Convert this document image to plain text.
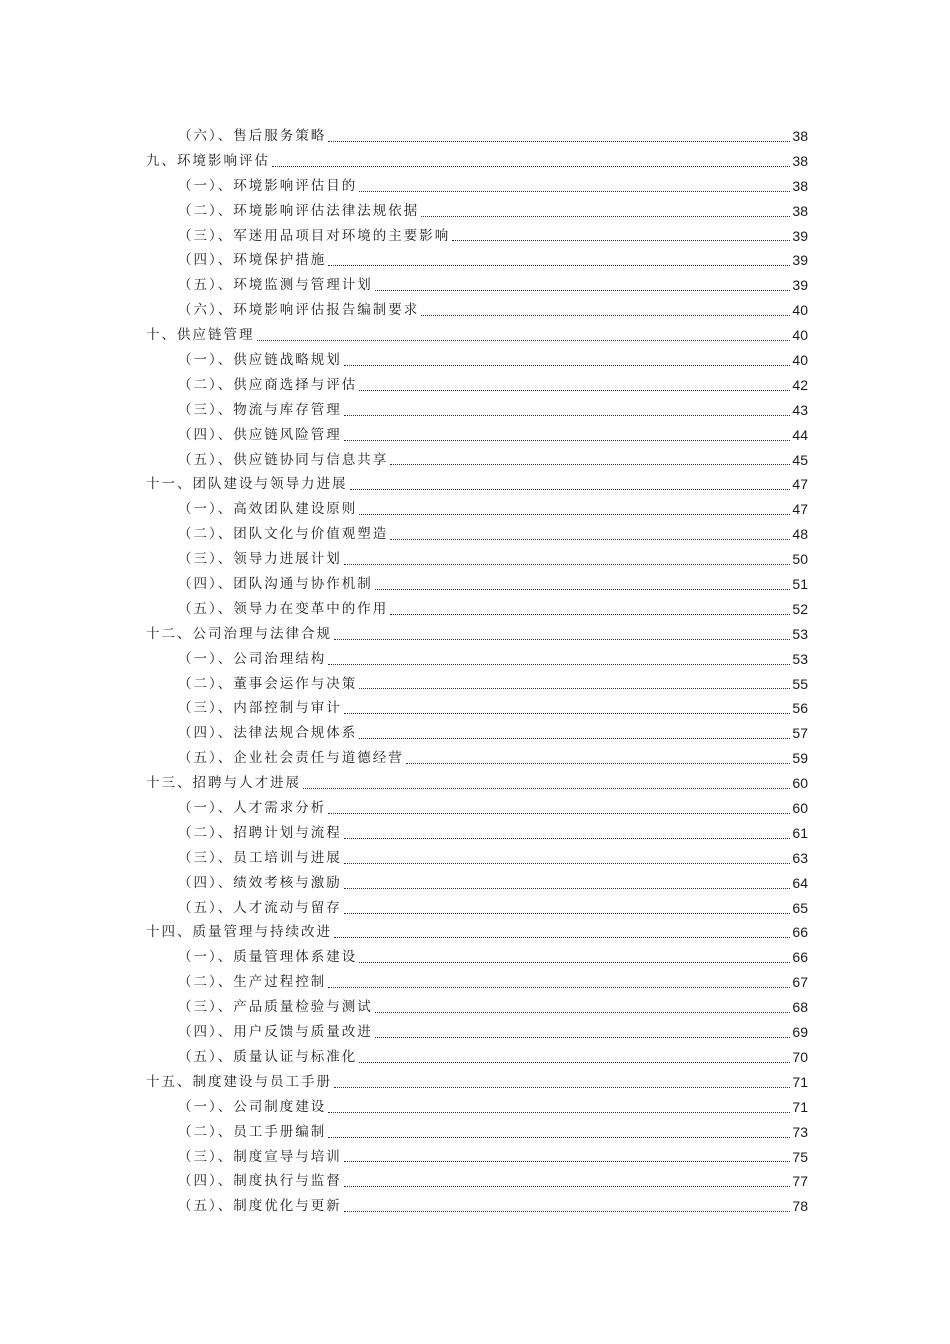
（六）、售后服务策略	38
九、环境影响评估	38
（一）、环境影响评估目的	38
（二）、环境影响评估法律法规依据	38
（三）、军迷用品项目对环境的主要影响	39
（四）、环境保护措施	39
（五）、环境监测与管理计划	39
（六）、环境影响评估报告编制要求	40
十、供应链管理	40
（一）、供应链战略规划	40
（二）、供应商选择与评估	42
（三）、物流与库存管理	43
（四）、供应链风险管理	44
（五）、供应链协同与信息共享	45
十一、团队建设与领导力进展	47
（一）、高效团队建设原则	47
（二）、团队文化与价值观塑造	48
（三）、领导力进展计划	50
（四）、团队沟通与协作机制	51
（五）、领导力在变革中的作用	52
十二、公司治理与法律合规	53
（一）、公司治理结构	53
（二）、董事会运作与决策	55
（三）、内部控制与审计	56
（四）、法律法规合规体系	57
（五）、企业社会责任与道德经营	59
十三、招聘与人才进展	60
（一）、人才需求分析	60
（二）、招聘计划与流程	61
（三）、员工培训与进展	63
（四）、绩效考核与激励	64
（五）、人才流动与留存	65
十四、质量管理与持续改进	66
（一）、质量管理体系建设	66
（二）、生产过程控制	67
（三）、产品质量检验与测试	68
（四）、用户反馈与质量改进	69
（五）、质量认证与标准化	70
十五、制度建设与员工手册	71
（一）、公司制度建设	71
（二）、员工手册编制	73
（三）、制度宣导与培训	75
（四）、制度执行与监督	77
（五）、制度优化与更新	78
